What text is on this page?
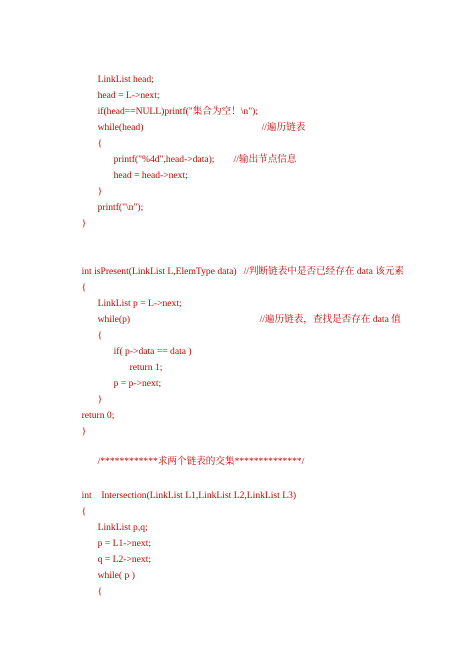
LinkList head;

head = L->next;

if(head==NULL)printf("集合为空！\n");

while(head)
	//遍历链表

{

printf("%4d",head->data);
	//输出节点信息

head = head->next;

}

printf("\n");

}

int isPresent(LinkList L,ElemType data)
//判断链表中是否已经存在 data 该元素

{

LinkList p = L->next;

while(p)
	//遍历链表，查找是否存在 data 值

{

if( p->data == data )

return 1;

p = p->next;

}

return 0;

}

/************求两个链表的交集**************/

int    Intersection(LinkList L1,LinkList L2,LinkList L3)

{

LinkList p,q;

p = L1->next;

q = L2->next;

while( p )

{
